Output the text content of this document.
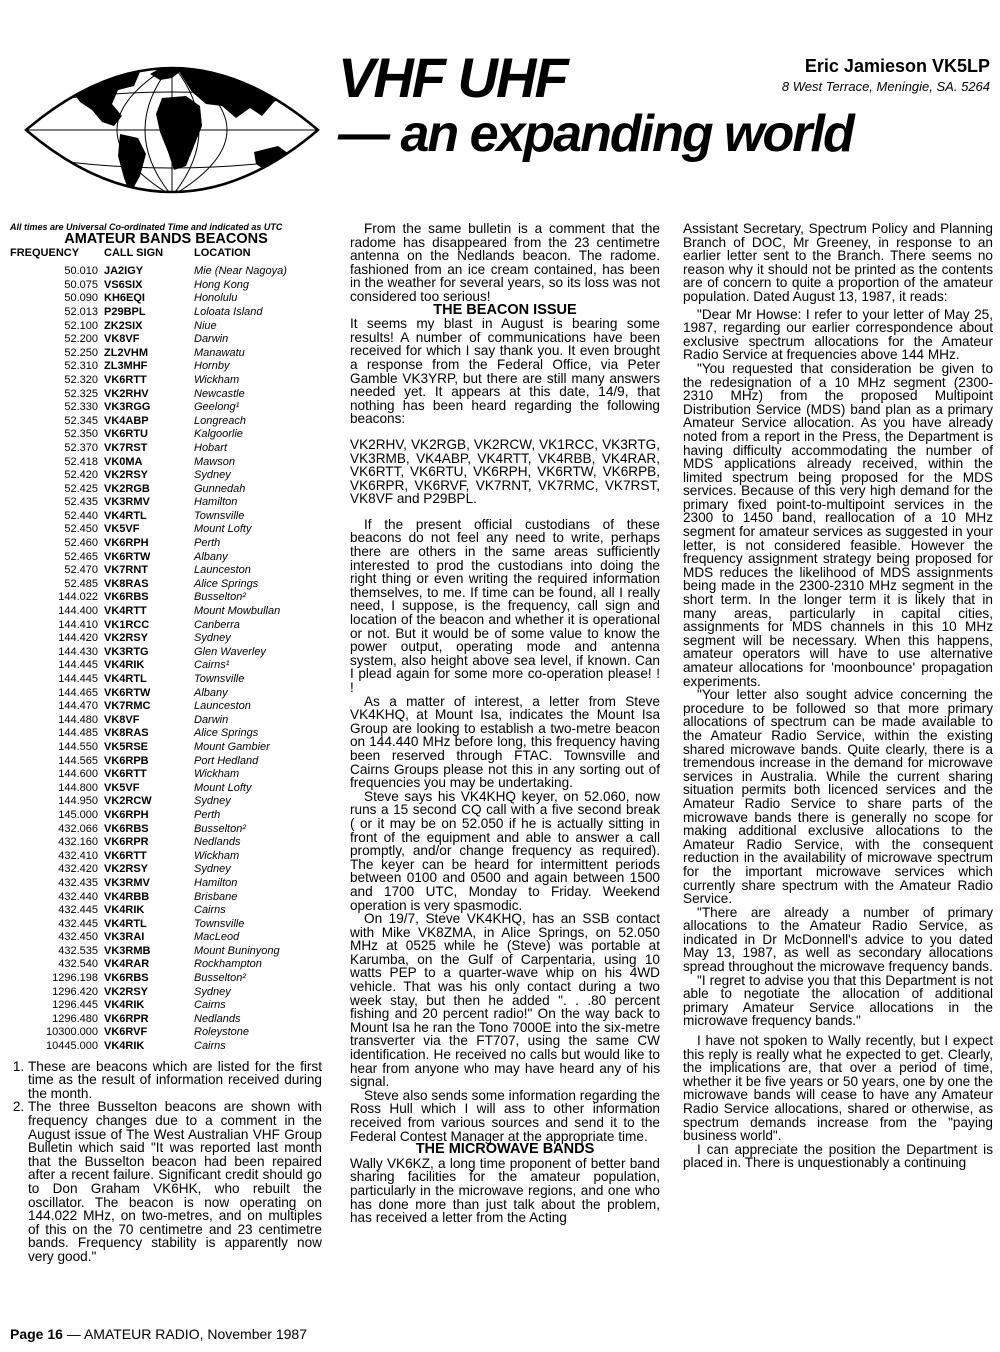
VHF UHF
— an expanding world
Eric Jamieson VK5LP
8 West Terrace, Meningie, SA. 5264

All times are Universal Co-ordinated Time and indicated as UTC

AMATEUR BANDS BEACONS

FREQUENCY	CALL SIGN	LOCATION
50.010	JA2IGY	Mie (Near Nagoya)
50.075	VS6SIX	Hong Kong
50.090	KH6EQI	Honolulu
52.013	P29BPL	Loloata Island
52.100	ZK2SIX	Niue
52.200	VK8VF	Darwin
52.250	ZL2VHM	Manawatu
52.310	ZL3MHF	Hornby
52.320	VK6RTT	Wickham
52.325	VK2RHV	Newcastle
52.330	VK3RGG	Geelong¹
52.345	VK4ABP	Longreach
52.350	VK6RTU	Kalgoorlie
52.370	VK7RST	Hobart
52.418	VK0MA	Mawson
52.420	VK2RSY	Sydney
52.425	VK2RGB	Gunnedah
52.435	VK3RMV	Hamilton
52.440	VK4RTL	Townsville
52.450	VK5VF	Mount Lofty
52.460	VK6RPH	Perth
52.465	VK6RTW	Albany
52.470	VK7RNT	Launceston
52.485	VK8RAS	Alice Springs
144.022	VK6RBS	Busselton²
144.400	VK4RTT	Mount Mowbullan
144.410	VK1RCC	Canberra
144.420	VK2RSY	Sydney
144.430	VK3RTG	Glen Waverley
144.445	VK4RIK	Cairns¹
144.445	VK4RTL	Townsville
144.465	VK6RTW	Albany
144.470	VK7RMC	Launceston
144.480	VK8VF	Darwin
144.485	VK8RAS	Alice Springs
144.550	VK5RSE	Mount Gambier
144.565	VK6RPB	Port Hedland
144.600	VK6RTT	Wickham
144.800	VK5VF	Mount Lofty
144.950	VK2RCW	Sydney
145.000	VK6RPH	Perth
432.066	VK6RBS	Busselton²
432.160	VK6RPR	Nedlands
432.410	VK6RTT	Wickham
432.420	VK2RSY	Sydney
432.435	VK3RMV	Hamilton
432.440	VK4RBB	Brisbane
432.445	VK4RIK	Cairns
432.445	VK4RTL	Townsville
432.450	VK3RAI	MacLeod
432.535	VK3RMB	Mount Buninyong
432.540	VK4RAR	Rockhampton
1296.198	VK6RBS	Busselton²
1296.420	VK2RSY	Sydney
1296.445	VK4RIK	Cairns
1296.480	VK6RPR	Nedlands
10300.000	VK6RVF	Roleystone
10445.000	VK4RIK	Cairns
1. These are beacons which are listed for the first time as the result of information received during the month.
2. The three Busselton beacons are shown with frequency changes due to a comment in the August issue of The West Australian VHF Group Bulletin which said "It was reported last month that the Busselton beacon had been repaired after a recent failure. Significant credit should go to Don Graham VK6HK, who rebuilt the oscillator. The beacon is now operating on 144.022 MHz, on two-metres, and on multiples of this on the 70 centimetre and 23 centimetre bands. Frequency stability is apparently now very good."

From the same bulletin is a comment that the radome has disappeared from the 23 centimetre antenna on the Nedlands beacon. The radome. fashioned from an ice cream contained, has been in the weather for several years, so its loss was not considered too serious!

THE BEACON ISSUE

It seems my blast in August is bearing some results! A number of communications have been received for which I say thank you. It even brought a response from the Federal Office, via Peter Gamble VK3YRP, but there are still many answers needed yet. It appears at this date, 14/9, that nothing has been heard regarding the following beacons:

VK2RHV, VK2RGB, VK2RCW, VK1RCC, VK3RTG, VK3RMB, VK4ABP, VK4RTT, VK4RBB, VK4RAR, VK6RTT, VK6RTU, VK6RPH, VK6RTW, VK6RPB, VK6RPR, VK6RVF, VK7RNT, VK7RMC, VK7RST, VK8VF and P29BPL.

If the present official custodians of these beacons do not feel any need to write, perhaps there are others in the same areas sufficiently interested to prod the custodians into doing the right thing or even writing the required information themselves, to me. If time can be found, all I really need, I suppose, is the frequency, call sign and location of the beacon and whether it is operational or not. But it would be of some value to know the power output, operating mode and antenna system, also height above sea level, if known. Can I plead again for some more co-operation please! ! !

As a matter of interest, a letter from Steve VK4KHQ, at Mount Isa, indicates the Mount Isa Group are looking to establish a two-metre beacon on 144.440 MHz before long, this frequency having been reserved through FTAC. Townsville and Cairns Groups please not this in any sorting out of frequencies you may be undertaking.

Steve says his VK4KHQ keyer, on 52.060, now runs a 15 second CQ call with a five second break ( or it may be on 52.050 if he is actually sitting in front of the equipment and able to answer a call promptly, and/or change frequency as required). The keyer can be heard for intermittent periods between 0100 and 0500 and again between 1500 and 1700 UTC, Monday to Friday. Weekend operation is very spasmodic.

On 19/7, Steve VK4KHQ, has an SSB contact with Mike VK8ZMA, in Alice Springs, on 52.050 MHz at 0525 while he (Steve) was portable at Karumba, on the Gulf of Carpentaria, using 10 watts PEP to a quarter-wave whip on his 4WD vehicle. That was his only contact during a two week stay, but then he added ". . .80 percent fishing and 20 percent radio!" On the way back to Mount Isa he ran the Tono 7000E into the six-metre transverter via the FT707, using the same CW identification. He received no calls but would like to hear from anyone who may have heard any of his signal.

Steve also sends some information regarding the Ross Hull which I will ass to other information received from various sources and send it to the Federal Contest Manager at the appropriate time.

THE MICROWAVE BANDS

Wally VK6KZ, a long time proponent of better band sharing facilities for the amateur population, particularly in the microwave regions, and one who has done more than just talk about the problem, has received a letter from the Acting

Assistant Secretary, Spectrum Policy and Planning Branch of DOC, Mr Greeney, in response to an earlier letter sent to the Branch. There seems no reason why it should not be printed as the contents are of concern to quite a proportion of the amateur population. Dated August 13, 1987, it reads:

"Dear Mr Howse: I refer to your letter of May 25, 1987, regarding our earlier correspondence about exclusive spectrum allocations for the Amateur Radio Service at frequencies above 144 MHz.

"You requested that consideration be given to the redesignation of a 10 MHz segment (2300-2310 MHz) from the proposed Multipoint Distribution Service (MDS) band plan as a primary Amateur Service allocation. As you have already noted from a report in the Press, the Department is having difficulty accommodating the number of MDS applications already received, within the limited spectrum being proposed for the MDS services. Because of this very high demand for the primary fixed point-to-multipoint services in the 2300 to 1450 band, reallocation of a 10 MHz segment for amateur services as suggested in your letter, is not considered feasible. However the frequency assignment strategy being proposed for MDS reduces the likelihood of MDS assignments being made in the 2300-2310 MHz segment in the short term. In the longer term it is likely that in many areas, particularly in capital cities, assignments for MDS channels in this 10 MHz segment will be necessary. When this happens, amateur operators will have to use alternative amateur allocations for 'moonbounce' propagation experiments.

"Your letter also sought advice concerning the procedure to be followed so that more primary allocations of spectrum can be made available to the Amateur Radio Service, within the existing shared microwave bands. Quite clearly, there is a tremendous increase in the demand for microwave services in Australia. While the current sharing situation permits both licenced services and the Amateur Radio Service to share parts of the microwave bands there is generally no scope for making additional exclusive allocations to the Amateur Radio Service, with the consequent reduction in the availability of microwave spectrum for the important microwave services which currently share spectrum with the Amateur Radio Service.

"There are already a number of primary allocations to the Amateur Radio Service, as indicated in Dr McDonnell's advice to you dated May 13, 1987, as well as secondary allocations spread throughout the microwave frequency bands.

"I regret to advise you that this Department is not able to negotiate the allocation of additional primary Amateur Service allocations in the microwave frequency bands."

I have not spoken to Wally recently, but I expect this reply is really what he expected to get. Clearly, the implications are, that over a period of time, whether it be five years or 50 years, one by one the microwave bands will cease to have any Amateur Radio Service allocations, shared or otherwise, as spectrum demands increase from the "paying business world".

I can appreciate the position the Department is placed in. There is unquestionably a continuing

Page 16 — AMATEUR RADIO, November 1987
